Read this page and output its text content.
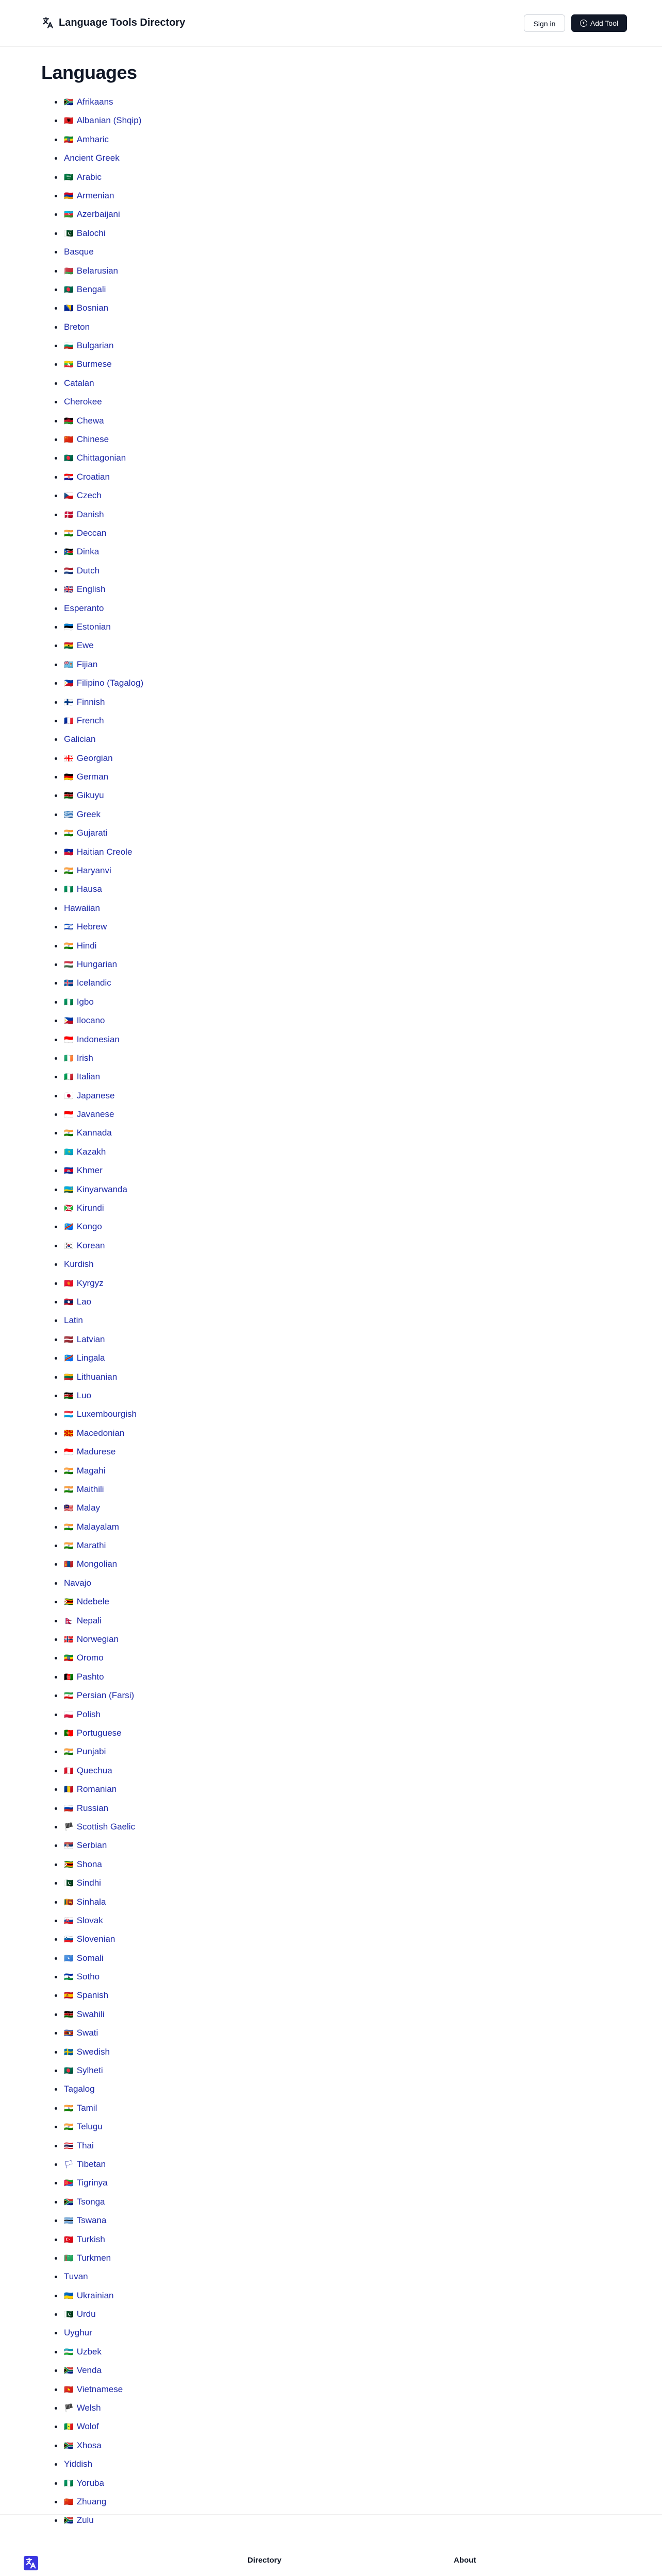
Language Tools Directory	Sign in	Add Tool
Languages
🇿🇦 Afrikaans
🇦🇱 Albanian (Shqip)
🇪🇹 Amharic
Ancient Greek
🇸🇦 Arabic
🇦🇲 Armenian
🇦🇿 Azerbaijani
🇵🇰 Balochi
Basque
🇧🇾 Belarusian
🇧🇩 Bengali
🇧🇦 Bosnian
Breton
🇧🇬 Bulgarian
🇲🇲 Burmese
Catalan
Cherokee
🇲🇼 Chewa
🇨🇳 Chinese
🇧🇩 Chittagonian
🇭🇷 Croatian
🇨🇿 Czech
🇩🇰 Danish
🇮🇳 Deccan
🇸🇸 Dinka
🇳🇱 Dutch
🇬🇧 English
Esperanto
🇪🇪 Estonian
🇬🇭 Ewe
🇫🇯 Fijian
🇵🇭 Filipino (Tagalog)
🇫🇮 Finnish
🇫🇷 French
Galician
🇬🇪 Georgian
🇩🇪 German
🇰🇪 Gikuyu
🇬🇷 Greek
🇮🇳 Gujarati
🇭🇹 Haitian Creole
🇮🇳 Haryanvi
🇳🇬 Hausa
Hawaiian
🇮🇱 Hebrew
🇮🇳 Hindi
🇭🇺 Hungarian
🇮🇸 Icelandic
🇳🇬 Igbo
🇵🇭 Ilocano
🇮🇩 Indonesian
🇮🇪 Irish
🇮🇹 Italian
🇯🇵 Japanese
🇮🇩 Javanese
🇮🇳 Kannada
🇰🇿 Kazakh
🇰🇭 Khmer
🇷🇼 Kinyarwanda
🇧🇮 Kirundi
🇨🇩 Kongo
🇰🇷 Korean
Kurdish
🇰🇬 Kyrgyz
🇱🇦 Lao
Latin
🇱🇻 Latvian
🇨🇩 Lingala
🇱🇹 Lithuanian
🇰🇪 Luo
🇱🇺 Luxembourgish
🇲🇰 Macedonian
🇮🇩 Madurese
🇮🇳 Magahi
🇮🇳 Maithili
🇲🇾 Malay
🇮🇳 Malayalam
🇮🇳 Marathi
🇲🇳 Mongolian
Navajo
🇿🇼 Ndebele
🇳🇵 Nepali
🇳🇴 Norwegian
🇪🇹 Oromo
🇦🇫 Pashto
🇮🇷 Persian (Farsi)
🇵🇱 Polish
🇵🇹 Portuguese
🇮🇳 Punjabi
🇵🇪 Quechua
🇷🇴 Romanian
🇷🇺 Russian
🏴 Scottish Gaelic
🇷🇸 Serbian
🇿🇼 Shona
🇵🇰 Sindhi
🇱🇰 Sinhala
🇸🇰 Slovak
🇸🇮 Slovenian
🇸🇴 Somali
🇱🇸 Sotho
🇪🇸 Spanish
🇰🇪 Swahili
🇸🇿 Swati
🇸🇪 Swedish
🇧🇩 Sylheti
Tagalog
🇮🇳 Tamil
🇮🇳 Telugu
🇹🇭 Thai
🏳 Tibetan
🇪🇷 Tigrinya
🇿🇦 Tsonga
🇧🇼 Tswana
🇹🇷 Turkish
🇹🇲 Turkmen
Tuvan
🇺🇦 Ukrainian
🇵🇰 Urdu
Uyghur
🇺🇿 Uzbek
🇿🇦 Venda
🇻🇳 Vietnamese
🏴 Welsh
🇸🇳 Wolof
🇿🇦 Xhosa
Yiddish
🇳🇬 Yoruba
🇨🇳 Zhuang
🇿🇦 Zulu
Directory	About
